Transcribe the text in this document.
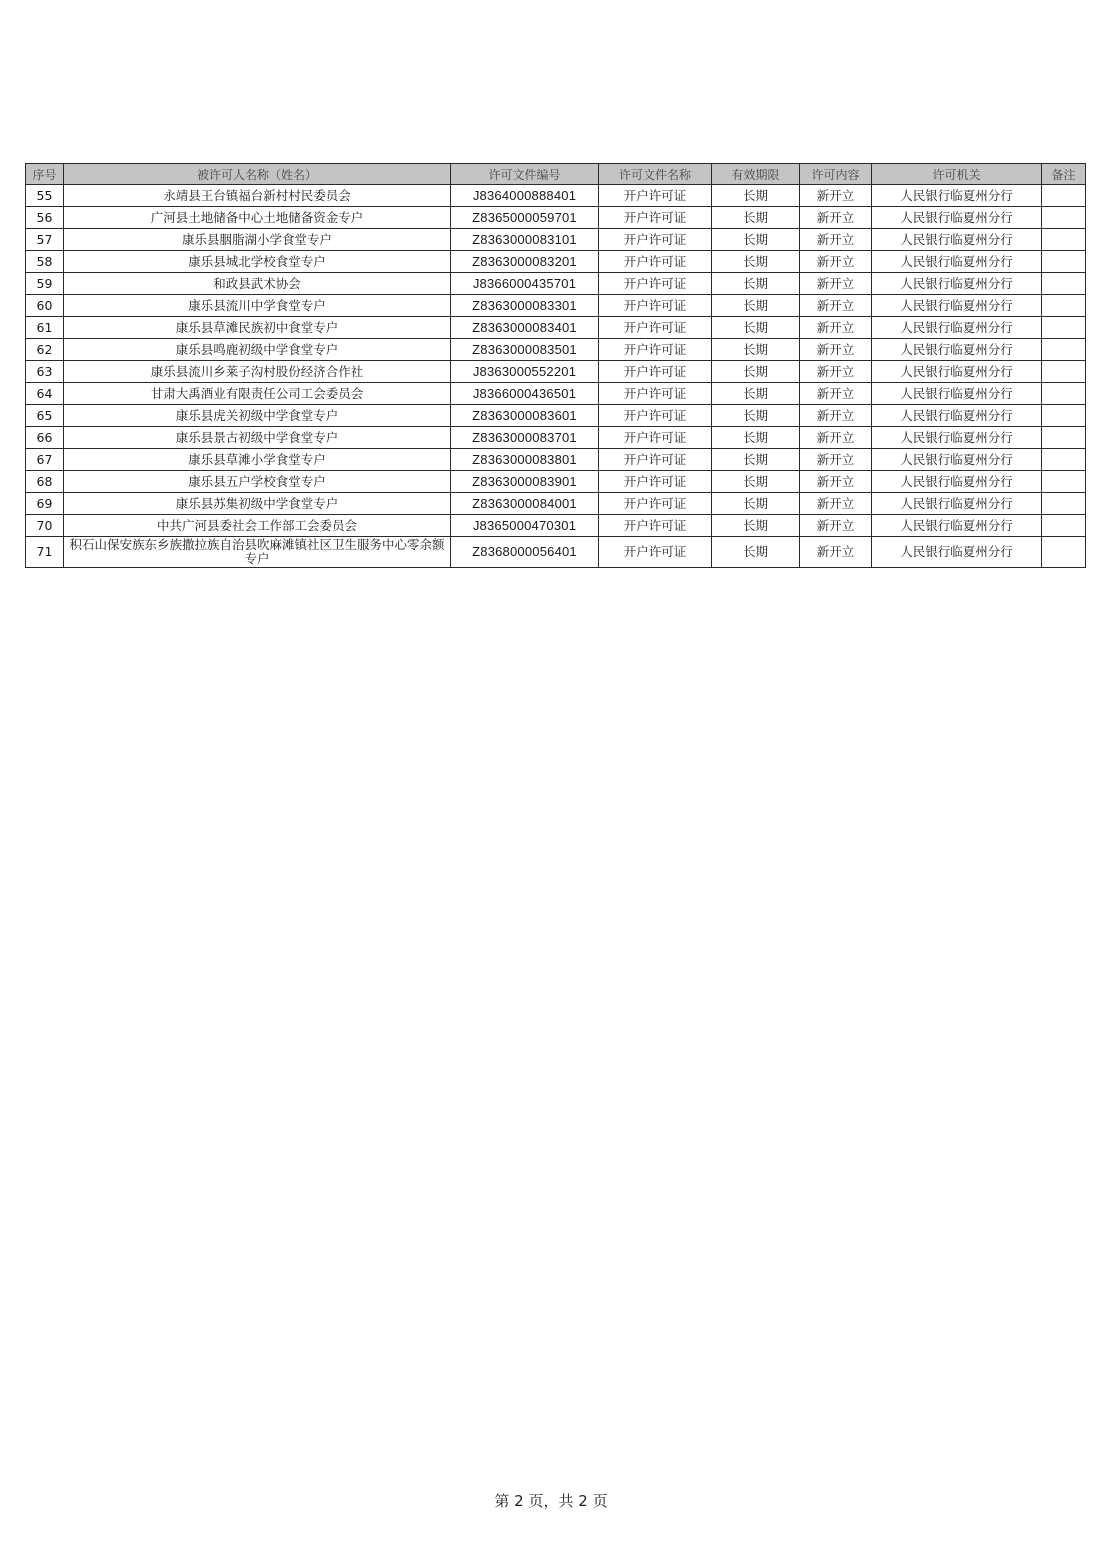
序号	被许可人名称（姓名）	许可文件编号	许可文件名称	有效期限	许可内容	许可机关	备注
55	永靖县王台镇福台新村村民委员会	J8364000888401	开户许可证	长期	新开立	人民银行临夏州分行	
56	广河县土地储备中心土地储备资金专户	Z8365000059701	开户许可证	长期	新开立	人民银行临夏州分行	
57	康乐县胭脂湖小学食堂专户	Z8363000083101	开户许可证	长期	新开立	人民银行临夏州分行	
58	康乐县城北学校食堂专户	Z8363000083201	开户许可证	长期	新开立	人民银行临夏州分行	
59	和政县武术协会	J8366000435701	开户许可证	长期	新开立	人民银行临夏州分行	
60	康乐县流川中学食堂专户	Z8363000083301	开户许可证	长期	新开立	人民银行临夏州分行	
61	康乐县草滩民族初中食堂专户	Z8363000083401	开户许可证	长期	新开立	人民银行临夏州分行	
62	康乐县鸣鹿初级中学食堂专户	Z8363000083501	开户许可证	长期	新开立	人民银行临夏州分行	
63	康乐县流川乡莱子沟村股份经济合作社	J8363000552201	开户许可证	长期	新开立	人民银行临夏州分行	
64	甘肃大禹酒业有限责任公司工会委员会	J8366000436501	开户许可证	长期	新开立	人民银行临夏州分行	
65	康乐县虎关初级中学食堂专户	Z8363000083601	开户许可证	长期	新开立	人民银行临夏州分行	
66	康乐县景古初级中学食堂专户	Z8363000083701	开户许可证	长期	新开立	人民银行临夏州分行	
67	康乐县草滩小学食堂专户	Z8363000083801	开户许可证	长期	新开立	人民银行临夏州分行	
68	康乐县五户学校食堂专户	Z8363000083901	开户许可证	长期	新开立	人民银行临夏州分行	
69	康乐县苏集初级中学食堂专户	Z8363000084001	开户许可证	长期	新开立	人民银行临夏州分行	
70	中共广河县委社会工作部工会委员会	J8365000470301	开户许可证	长期	新开立	人民银行临夏州分行	
71	积石山保安族东乡族撒拉族自治县吹麻滩镇社区卫生服务中心零余额专户	Z8368000056401	开户许可证	长期	新开立	人民银行临夏州分行	
第 2 页，共 2 页
